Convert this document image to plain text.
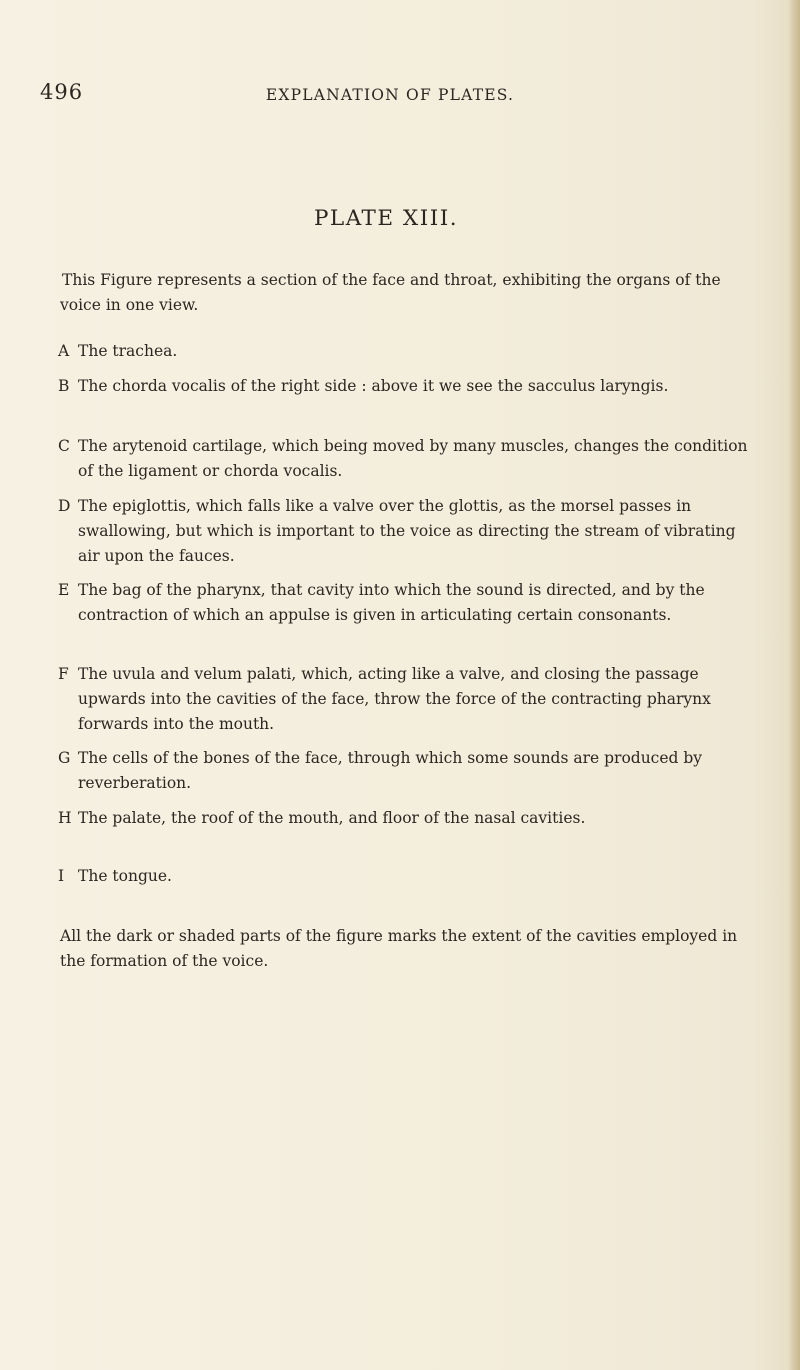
496	EXPLANATION OF PLATES.
PLATE XIII.
This Figure represents a section of the face and throat, exhibiting the organs of the voice in one view.
A The trachea.
B The chorda vocalis of the right side : above it we see the sacculus laryngis.
C The arytenoid cartilage, which being moved by many muscles, changes the condition of the ligament or chorda vocalis.
D The epiglottis, which falls like a valve over the glottis, as the morsel passes in swallowing, but which is important to the voice as directing the stream of vibrating air upon the fauces.
E The bag of the pharynx, that cavity into which the sound is directed, and by the contraction of which an appulse is given in articulating certain consonants.
F The uvula and velum palati, which, acting like a valve, and closing the passage upwards into the cavities of the face, throw the force of the contracting pharynx forwards into the mouth.
G The cells of the bones of the face, through which some sounds are produced by reverberation.
H The palate, the roof of the mouth, and floor of the nasal cavities.
I The tongue.
All the dark or shaded parts of the figure marks the extent of the cavities employed in the formation of the voice.
